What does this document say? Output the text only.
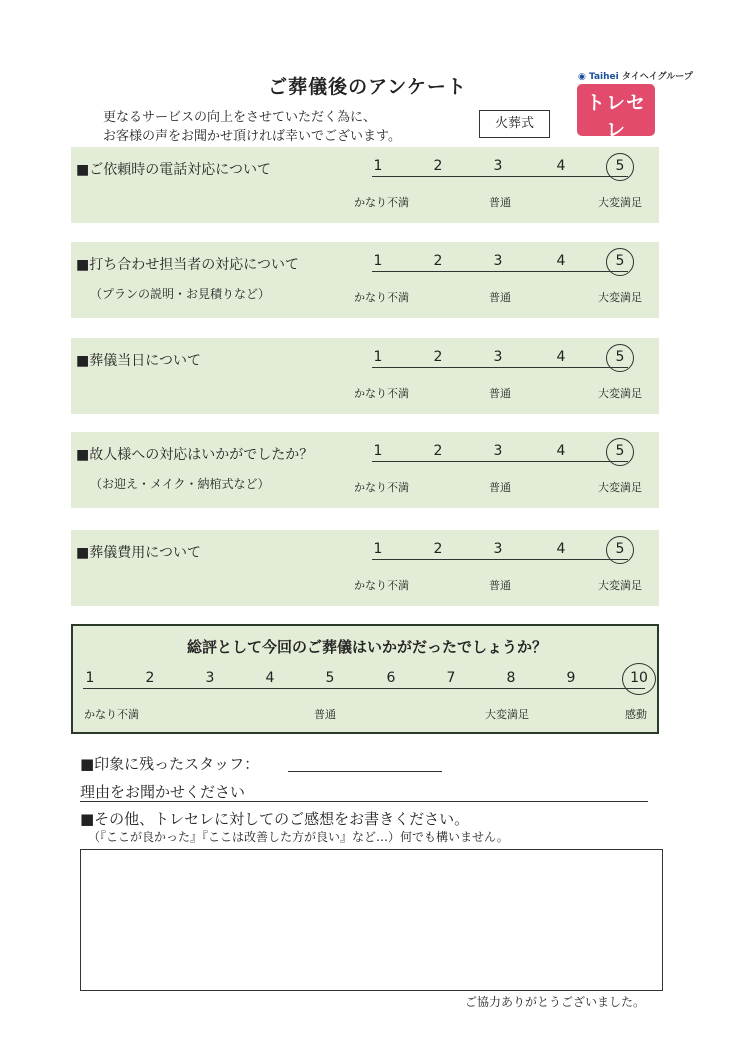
ご葬儀後のアンケート
更なるサービスの向上をさせていただく為に、
お客様の声をお聞かせ頂ければ幸いでございます。
火葬式
◉ Taihei タイヘイグループ
トレセレ
■ご依頼時の電話対応について	1	2	3	4	5
かなり不満	普通	大変満足
■打ち合わせ担当者の対応について
（プランの説明・お見積りなど）
1	2	3	4	5
かなり不満	普通	大変満足
■葬儀当日について	1	2	3	4	5
かなり不満	普通	大変満足
■故人様への対応はいかがでしたか？
（お迎え・メイク・納棺式など）
1	2	3	4	5
かなり不満	普通	大変満足
■葬儀費用について	1	2	3	4	5
かなり不満	普通	大変満足
総評として今回のご葬儀はいかがだったでしょうか？
1	2	3	4	5	6	7	8	9	10
かなり不満	普通	大変満足	感動
■印象に残ったスタッフ：
理由をお聞かせください
■その他、トレセレに対してのご感想をお書きください。
（『ここが良かった』『ここは改善した方が良い』など…）何でも構いません。
ご協力ありがとうございました。
